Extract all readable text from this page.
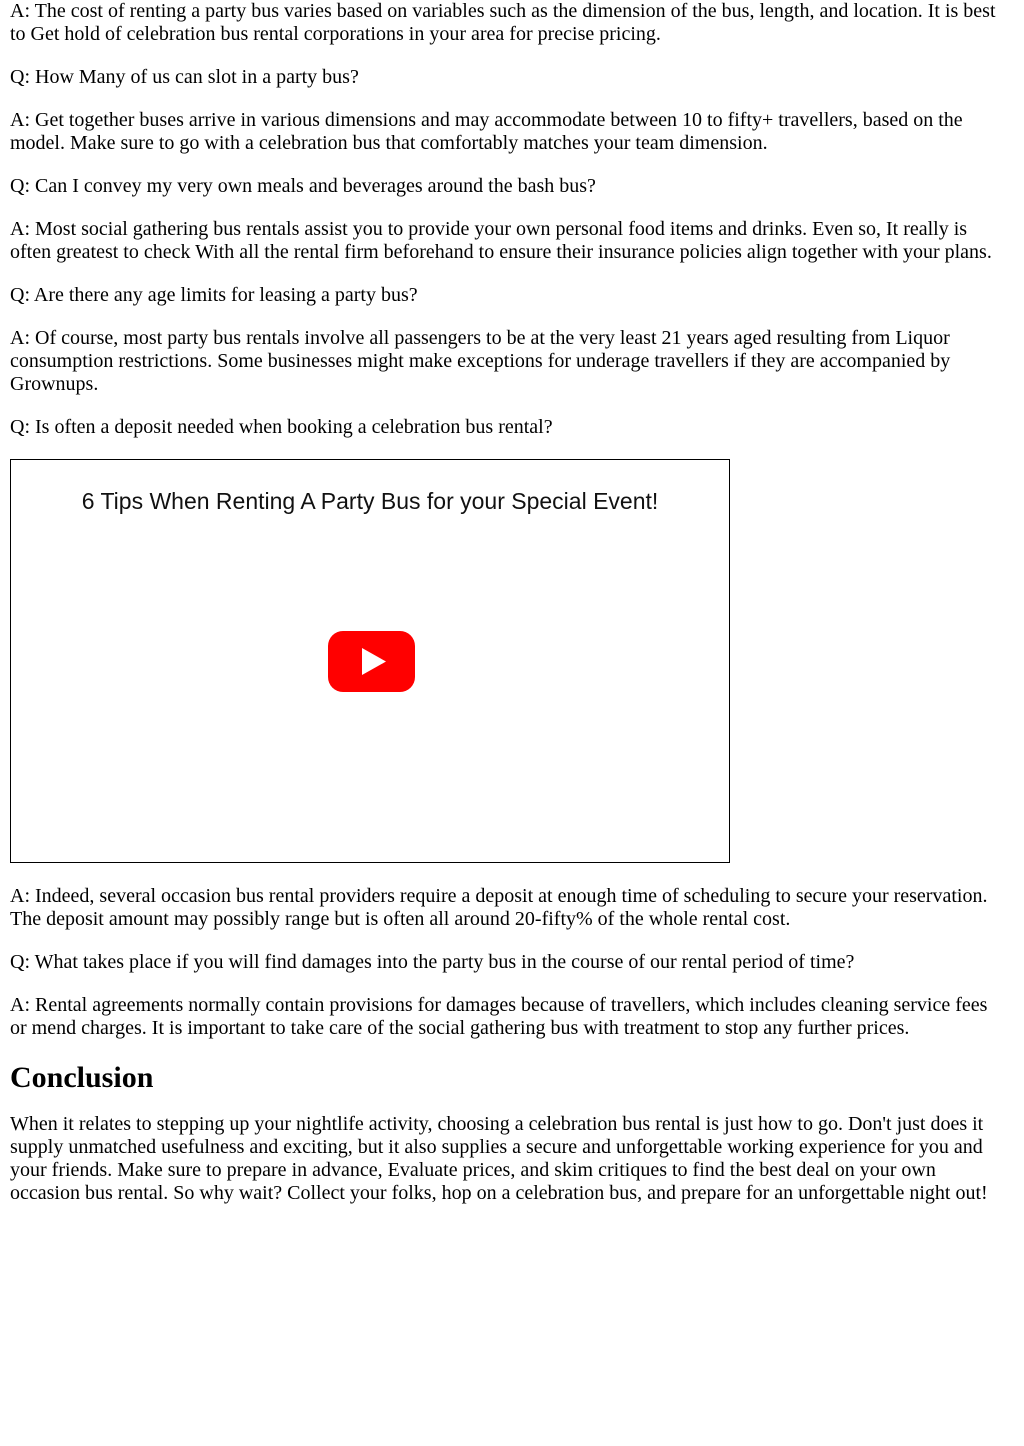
A: The cost of renting a party bus varies based on variables such as the dimension of the bus, length, and location. It is best to Get hold of celebration bus rental corporations in your area for precise pricing.

Q: How Many of us can slot in a party bus?

A: Get together buses arrive in various dimensions and may accommodate between 10 to fifty+ travellers, based on the model. Make sure to go with a celebration bus that comfortably matches your team dimension.

Q: Can I convey my very own meals and beverages around the bash bus?

A: Most social gathering bus rentals assist you to provide your own personal food items and drinks. Even so, It really is often greatest to check With all the rental firm beforehand to ensure their insurance policies align together with your plans.

Q: Are there any age limits for leasing a party bus?

A: Of course, most party bus rentals involve all passengers to be at the very least 21 years aged resulting from Liquor consumption restrictions. Some businesses might make exceptions for underage travellers if they are accompanied by Grownups.

Q: Is often a deposit needed when booking a celebration bus rental?

6 Tips When Renting A Party Bus for your Special Event!

A: Indeed, several occasion bus rental providers require a deposit at enough time of scheduling to secure your reservation. The deposit amount may possibly range but is often all around 20-fifty% of the whole rental cost.

Q: What takes place if you will find damages into the party bus in the course of our rental period of time?

A: Rental agreements normally contain provisions for damages because of travellers, which includes cleaning service fees or mend charges. It is important to take care of the social gathering bus with treatment to stop any further prices.

Conclusion

When it relates to stepping up your nightlife activity, choosing a celebration bus rental is just how to go. Don't just does it supply unmatched usefulness and exciting, but it also supplies a secure and unforgettable working experience for you and your friends. Make sure to prepare in advance, Evaluate prices, and skim critiques to find the best deal on your own occasion bus rental. So why wait? Collect your folks, hop on a celebration bus, and prepare for an unforgettable night out!
